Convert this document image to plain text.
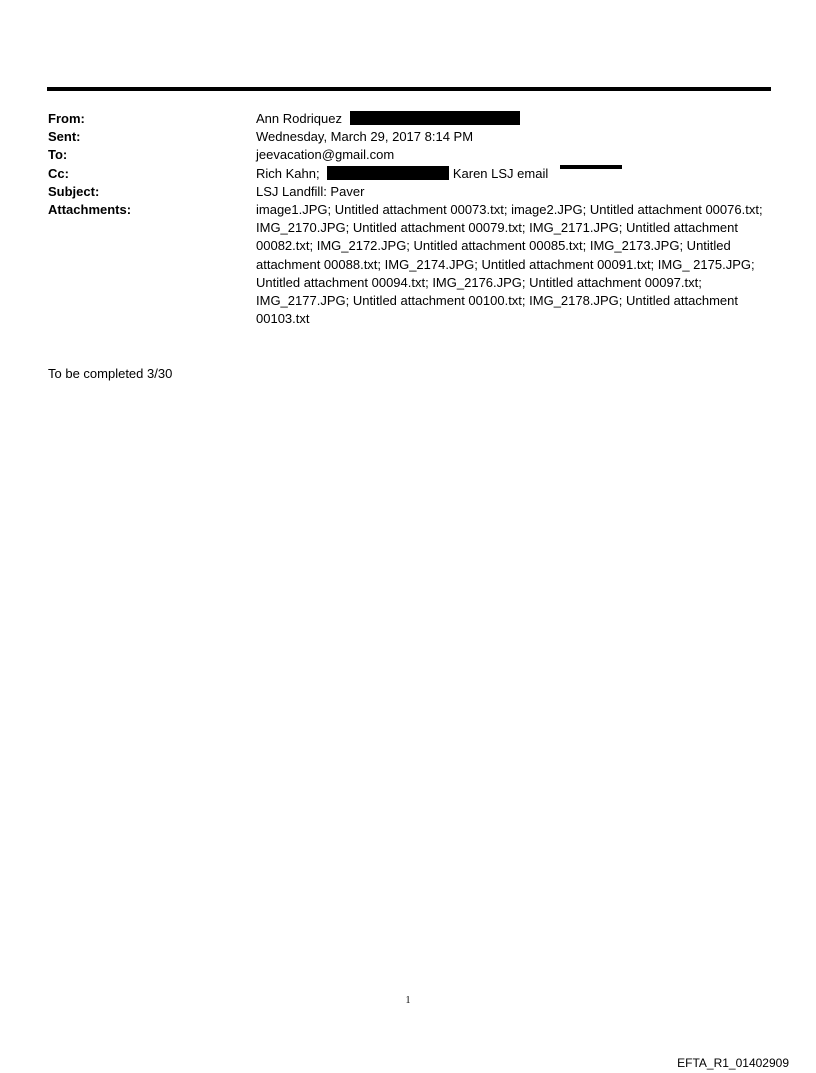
From:	Ann Rodriquez
Sent:	Wednesday, March 29, 2017 8:14 PM
To:	jeevacation@gmail.com
Cc:	Rich Kahn;	Karen LSJ email
Subject:	LSJ Landfill: Paver
Attachments:	image1.JPG; Untitled attachment 00073.txt; image2.JPG; Untitled attachment 00076.txt; IMG_2170.JPG; Untitled attachment 00079.txt; IMG_2171.JPG; Untitled attachment 00082.txt; IMG_2172.JPG; Untitled attachment 00085.txt; IMG_2173.JPG; Untitled attachment 00088.txt; IMG_2174.JPG; Untitled attachment 00091.txt; IMG_ 2175.JPG; Untitled attachment 00094.txt; IMG_2176.JPG; Untitled attachment 00097.txt; IMG_2177.JPG; Untitled attachment 00100.txt; IMG_2178.JPG; Untitled attachment 00103.txt
To be completed 3/30
1
EFTA_R1_01402909
